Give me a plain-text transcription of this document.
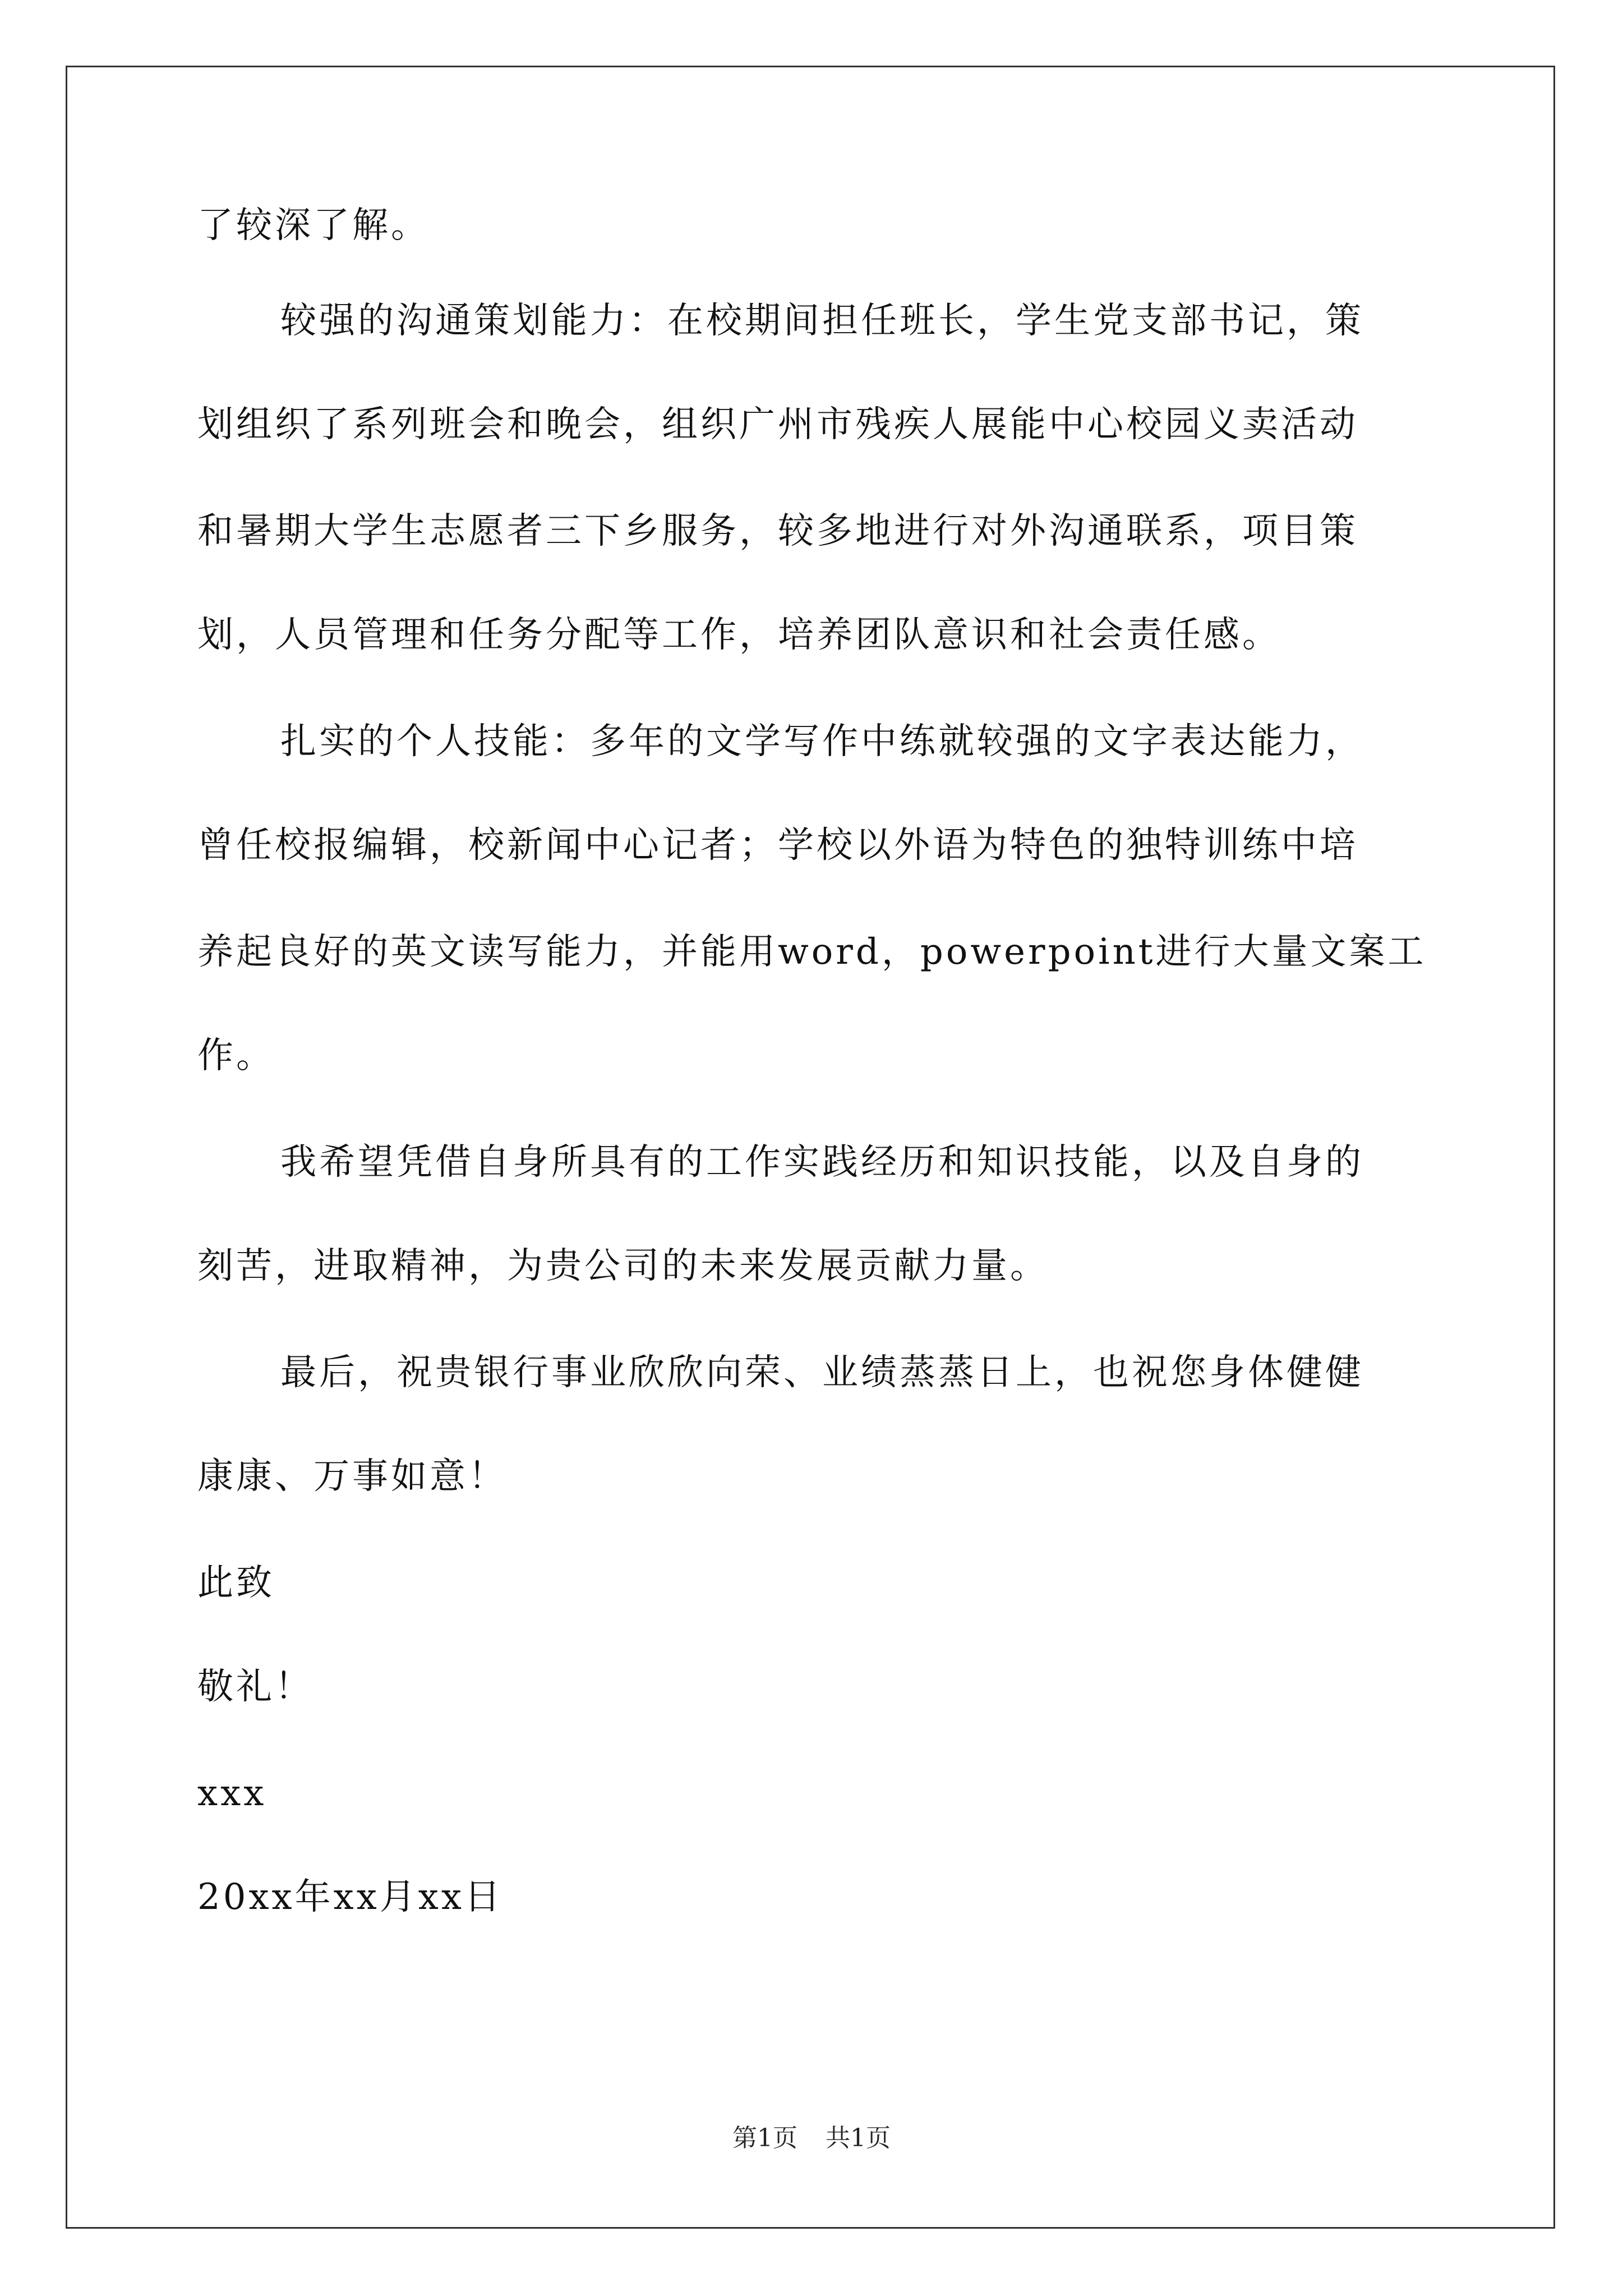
了较深了解。

较强的沟通策划能力：在校期间担任班长，学生党支部书记，策

划组织了系列班会和晚会，组织广州市残疾人展能中心校园义卖活动

和暑期大学生志愿者三下乡服务，较多地进行对外沟通联系，项目策

划，人员管理和任务分配等工作，培养团队意识和社会责任感。

扎实的个人技能：多年的文学写作中练就较强的文字表达能力，

曾任校报编辑，校新闻中心记者；学校以外语为特色的独特训练中培

养起良好的英文读写能力，并能用word，powerpoint进行大量文案工

作。

我希望凭借自身所具有的工作实践经历和知识技能，以及自身的

刻苦，进取精神，为贵公司的未来发展贡献力量。

最后，祝贵银行事业欣欣向荣、业绩蒸蒸日上，也祝您身体健健

康康、万事如意！

此致

敬礼！

xxx

20xx年xx月xx日

第1页 共1页
